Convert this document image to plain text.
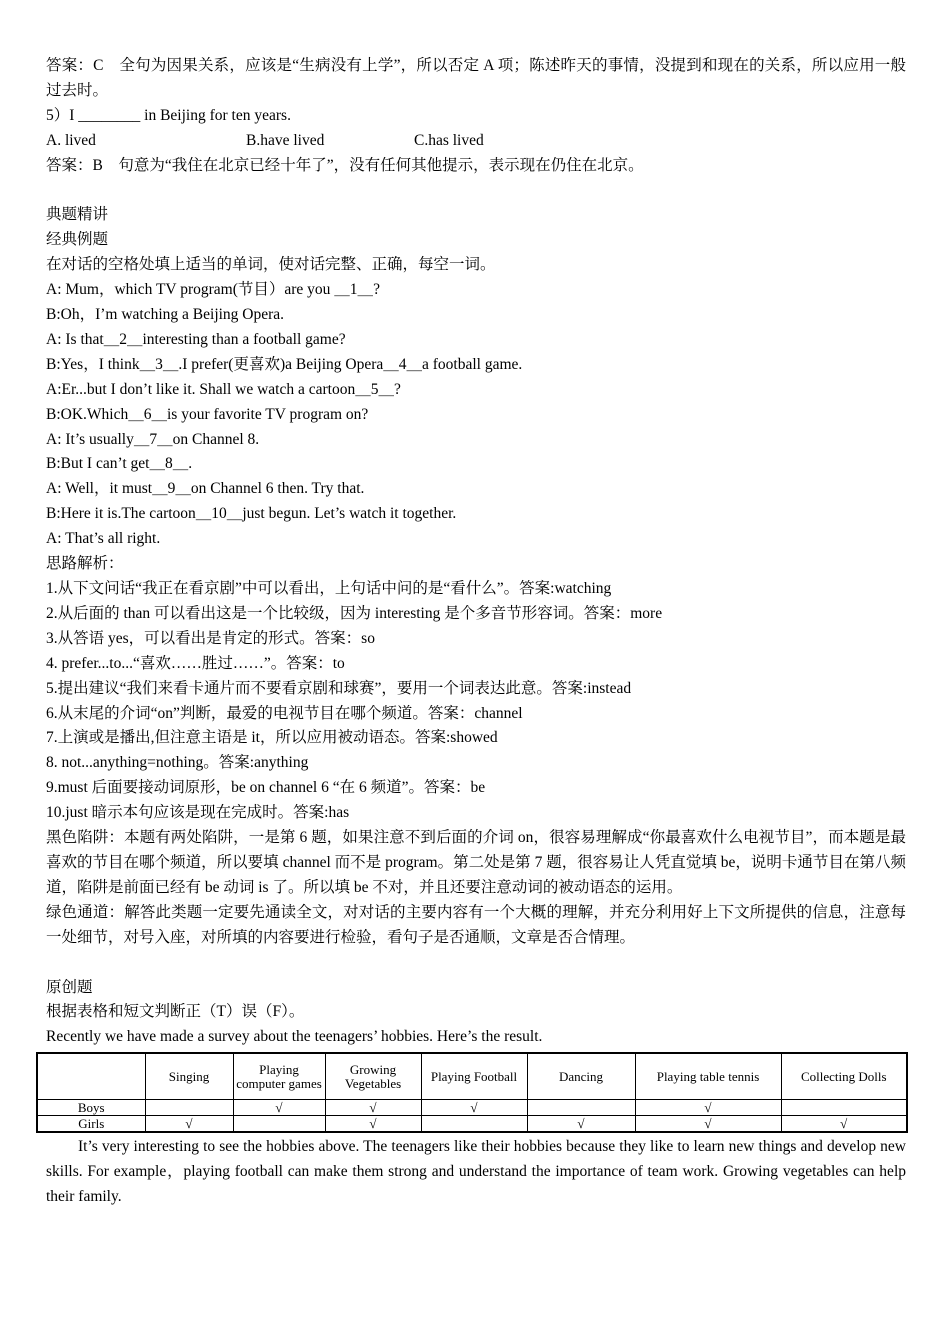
答案：C　全句为因果关系，应该是“生病没有上学”，所以否定 A 项；陈述昨天的事情，没提到和现在的关系，所以应用一般过去时。
5）I ________ in Beijing for ten years.
A. lived	B.have lived	C.has lived
答案：B　句意为“我住在北京已经十年了”，没有任何其他提示，表示现在仍住在北京。
典题精讲
经典例题
在对话的空格处填上适当的单词，使对话完整、正确，每空一词。
A: Mum，which TV program(节目）are you ＿1＿?
B:Oh，I’m watching a Beijing Opera.
A: Is that＿2＿interesting than a football game?
B:Yes，I think＿3＿.I prefer(更喜欢)a Beijing Opera＿4＿a football game.
A:Er...but I don’t like it. Shall we watch a cartoon＿5＿?
B:OK.Which＿6＿is your favorite TV program on?
A: It’s usually＿7＿on Channel 8.
B:But I can’t get＿8＿.
A: Well，it must＿9＿on Channel 6 then. Try that.
B:Here it is.The cartoon＿10＿just begun. Let’s watch it together.
A: That’s all right.
思路解析：
1.从下文问话“我正在看京剧”中可以看出，上句话中问的是“看什么”。答案:watching
2.从后面的 than 可以看出这是一个比较级，因为 interesting 是个多音节形容词。答案：more
3.从答语 yes，可以看出是肯定的形式。答案：so
4. prefer...to...“喜欢……胜过……”。答案：to
5.提出建议“我们来看卡通片而不要看京剧和球赛”，要用一个词表达此意。答案:instead
6.从末尾的介词“on”判断，最爱的电视节目在哪个频道。答案：channel
7.上演或是播出,但注意主语是 it，所以应用被动语态。答案:showed
8. not...anything=nothing。答案:anything
9.must 后面要接动词原形，be on channel 6 “在 6 频道”。答案：be
10.just 暗示本句应该是现在完成时。答案:has
黑色陷阱：本题有两处陷阱，一是第 6 题，如果注意不到后面的介词 on，很容易理解成“你最喜欢什么电视节目”，而本题是最喜欢的节目在哪个频道，所以要填 channel 而不是 program。第二处是第 7 题，很容易让人凭直觉填 be，说明卡通节目在第八频道，陷阱是前面已经有 be 动词 is 了。所以填 be 不对，并且还要注意动词的被动语态的运用。
绿色通道：解答此类题一定要先通读全文，对对话的主要内容有一个大概的理解，并充分利用好上下文所提供的信息，注意每一处细节，对号入座，对所填的内容要进行检验，看句子是否通顺，文章是否合情理。
原创题
根据表格和短文判断正（T）误（F）。
Recently we have made a survey about the teenagers’ hobbies. Here’s the result.
	Singing	Playing computer games	Growing Vegetables	Playing Football	Dancing	Playing table tennis	Collecting Dolls
Boys		√	√	√		√	
Girls	√		√		√	√	√
It’s very interesting to see the hobbies above. The teenagers like their hobbies because they like to learn new things and develop new skills. For example，playing football can make them strong and understand the importance of team work. Growing vegetables can help their family.
